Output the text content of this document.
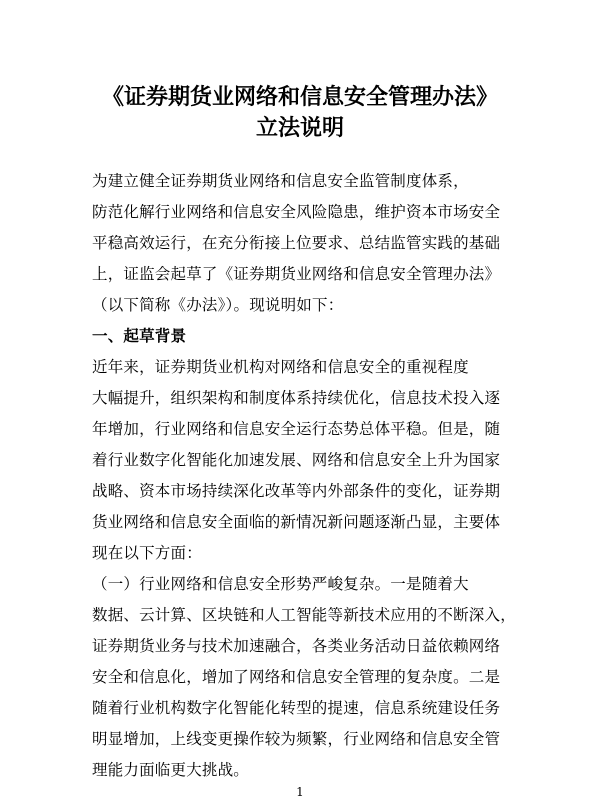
《证券期货业网络和信息安全管理办法》
立法说明
为建立健全证券期货业网络和信息安全监管制度体系，
防范化解行业网络和信息安全风险隐患，维护资本市场安全
平稳高效运行，在充分衔接上位要求、总结监管实践的基础
上，证监会起草了《证券期货业网络和信息安全管理办法》
（以下简称《办法》）。现说明如下：
一、起草背景
近年来，证券期货业机构对网络和信息安全的重视程度
大幅提升，组织架构和制度体系持续优化，信息技术投入逐
年增加，行业网络和信息安全运行态势总体平稳。但是，随
着行业数字化智能化加速发展、网络和信息安全上升为国家
战略、资本市场持续深化改革等内外部条件的变化，证券期
货业网络和信息安全面临的新情况新问题逐渐凸显，主要体
现在以下方面：
（一）行业网络和信息安全形势严峻复杂。一是随着大
数据、云计算、区块链和人工智能等新技术应用的不断深入，
证券期货业务与技术加速融合，各类业务活动日益依赖网络
安全和信息化，增加了网络和信息安全管理的复杂度。二是
随着行业机构数字化智能化转型的提速，信息系统建设任务
明显增加，上线变更操作较为频繁，行业网络和信息安全管
理能力面临更大挑战。
1
